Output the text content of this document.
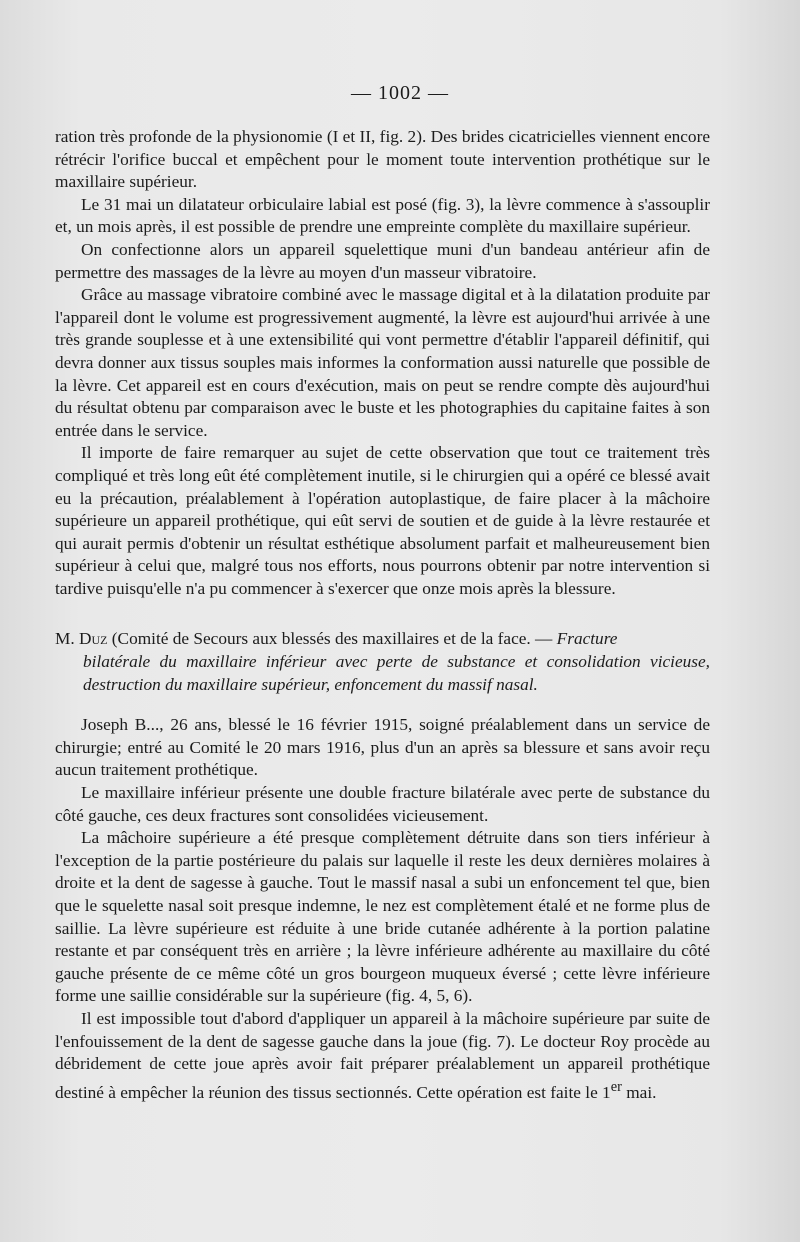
— 1002 —

ration très profonde de la physionomie (I et II, fig. 2). Des brides cicatricielles viennent encore rétrécir l'orifice buccal et empêchent pour le moment toute intervention prothétique sur le maxillaire supérieur.

Le 31 mai un dilatateur orbiculaire labial est posé (fig. 3), la lèvre commence à s'assouplir et, un mois après, il est possible de prendre une empreinte complète du maxillaire supérieur.

On confectionne alors un appareil squelettique muni d'un bandeau antérieur afin de permettre des massages de la lèvre au moyen d'un masseur vibratoire.

Grâce au massage vibratoire combiné avec le massage digital et à la dilatation produite par l'appareil dont le volume est progressivement augmenté, la lèvre est aujourd'hui arrivée à une très grande souplesse et à une extensibilité qui vont permettre d'établir l'appareil définitif, qui devra donner aux tissus souples mais informes la conformation aussi naturelle que possible de la lèvre. Cet appareil est en cours d'exécution, mais on peut se rendre compte dès aujourd'hui du résultat obtenu par comparaison avec le buste et les photographies du capitaine faites à son entrée dans le service.

Il importe de faire remarquer au sujet de cette observation que tout ce traitement très compliqué et très long eût été complètement inutile, si le chirurgien qui a opéré ce blessé avait eu la précaution, préalablement à l'opération autoplastique, de faire placer à la mâchoire supérieure un appareil prothétique, qui eût servi de soutien et de guide à la lèvre restaurée et qui aurait permis d'obtenir un résultat esthétique absolument parfait et malheureusement bien supérieur à celui que, malgré tous nos efforts, nous pourrons obtenir par notre intervention si tardive puisqu'elle n'a pu commencer à s'exercer que onze mois après la blessure.

M. Duz (Comité de Secours aux blessés des maxillaires et de la face. — Fracture
bilatérale du maxillaire inférieur avec perte de substance et consolidation vicieuse, destruction du maxillaire supérieur, enfoncement du massif nasal.

Joseph B..., 26 ans, blessé le 16 février 1915, soigné préalablement dans un service de chirurgie; entré au Comité le 20 mars 1916, plus d'un an après sa blessure et sans avoir reçu aucun traitement prothétique.

Le maxillaire inférieur présente une double fracture bilatérale avec perte de substance du côté gauche, ces deux fractures sont consolidées vicieusement.

La mâchoire supérieure a été presque complètement détruite dans son tiers inférieur à l'exception de la partie postérieure du palais sur laquelle il reste les deux dernières molaires à droite et la dent de sagesse à gauche. Tout le massif nasal a subi un enfoncement tel que, bien que le squelette nasal soit presque indemne, le nez est complètement étalé et ne forme plus de saillie. La lèvre supérieure est réduite à une bride cutanée adhérente à la portion palatine restante et par conséquent très en arrière ; la lèvre inférieure adhérente au maxillaire du côté gauche présente de ce même côté un gros bourgeon muqueux éversé ; cette lèvre inférieure forme une saillie considérable sur la supérieure (fig. 4, 5, 6).

Il est impossible tout d'abord d'appliquer un appareil à la mâchoire supérieure par suite de l'enfouissement de la dent de sagesse gauche dans la joue (fig. 7). Le docteur Roy procède au débridement de cette joue après avoir fait préparer préalablement un appareil prothétique destiné à empêcher la réunion des tissus sectionnés. Cette opération est faite le 1er mai.
